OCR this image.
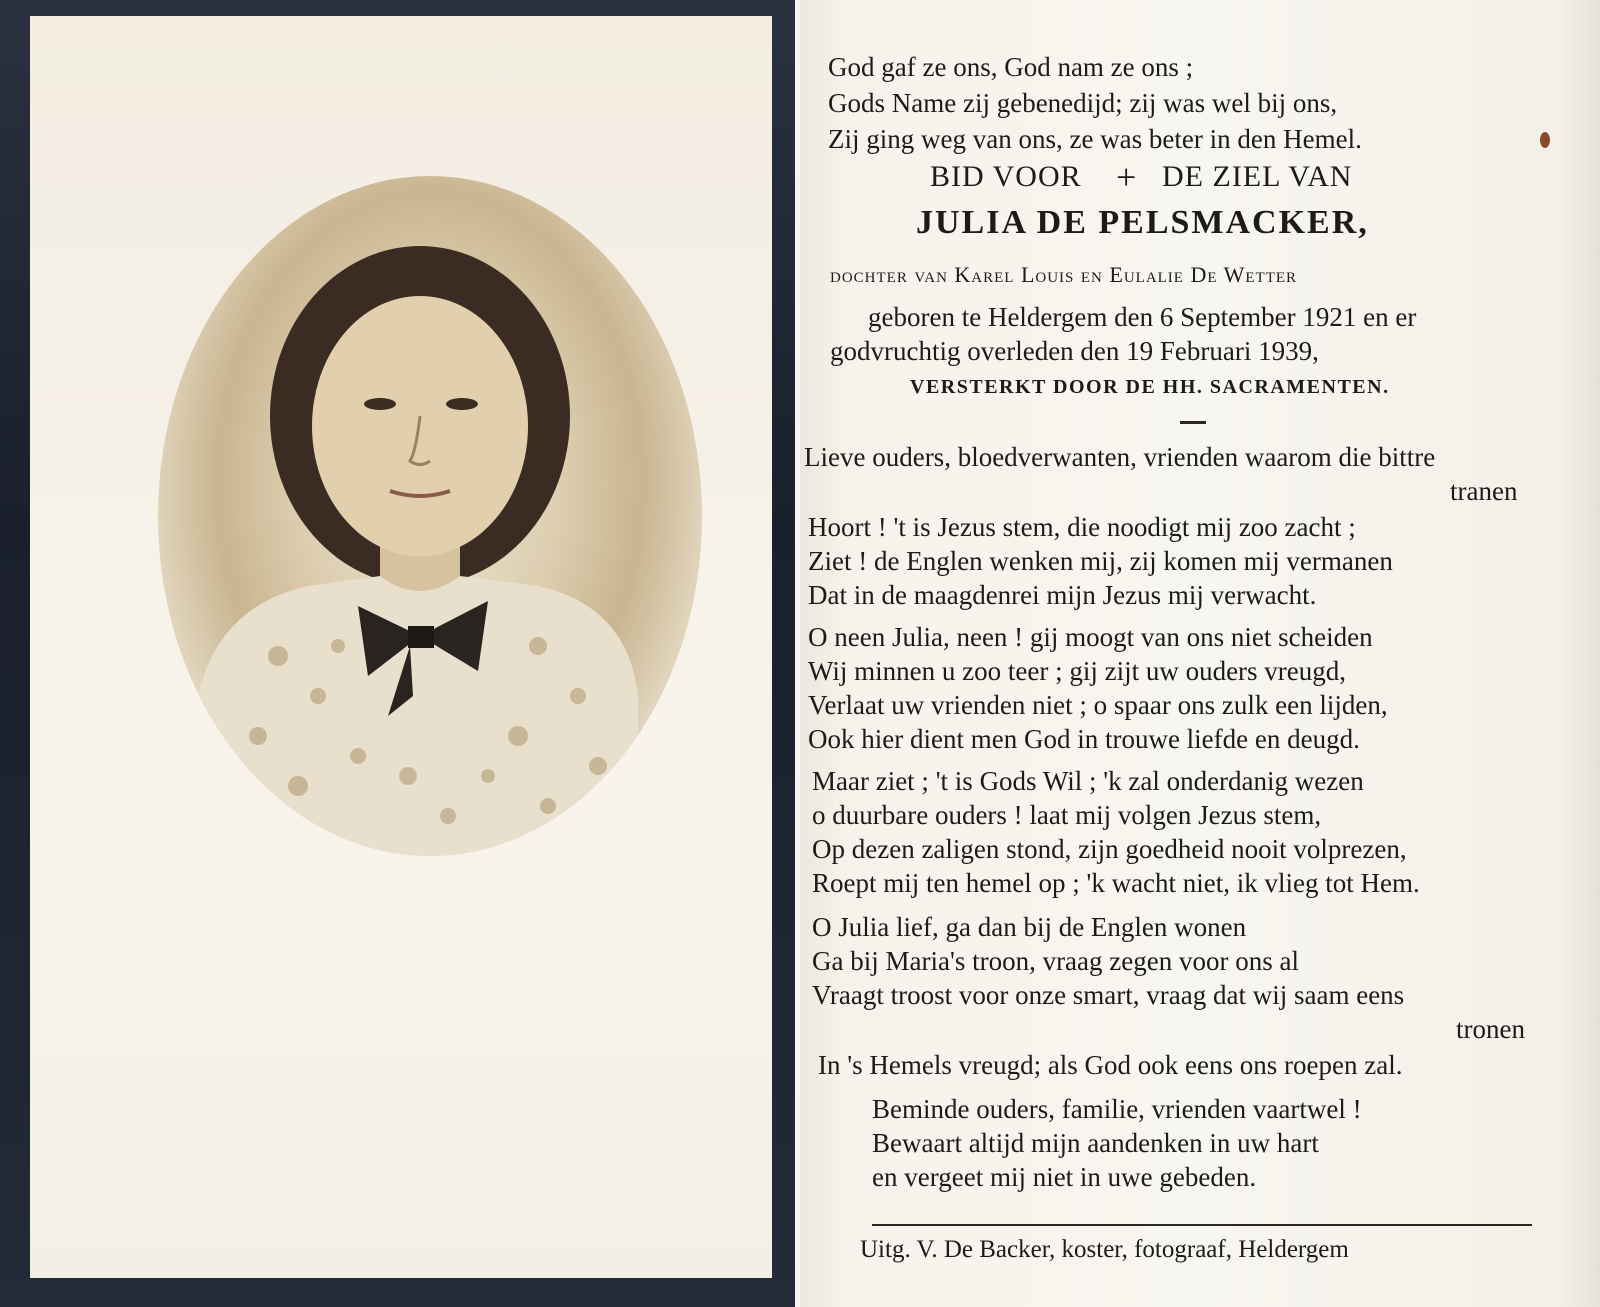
God gaf ze ons, God nam ze ons ;
Gods Name zij gebenedijd; zij was wel bij ons,
Zij ging weg van ons, ze was beter in den Hemel.
BID VOOR + DE ZIEL VAN
JULIA DE PELSMACKER,
dochter van Karel Louis en Eulalie De Wetter
geboren te Heldergem den 6 September 1921 en er
godvruchtig overleden den 19 Februari 1939,
VERSTERKT DOOR DE HH. SACRAMENTEN.
Lieve ouders, bloedverwanten, vrienden waarom die bittre
tranen
Hoort ! 't is Jezus stem, die noodigt mij zoo zacht ;
Ziet ! de Englen wenken mij, zij komen mij vermanen
Dat in de maagdenrei mijn Jezus mij verwacht.
O neen Julia, neen ! gij moogt van ons niet scheiden
Wij minnen u zoo teer ; gij zijt uw ouders vreugd,
Verlaat uw vrienden niet ; o spaar ons zulk een lijden,
Ook hier dient men God in trouwe liefde en deugd.
Maar ziet ; 't is Gods Wil ; 'k zal onderdanig wezen
o duurbare ouders ! laat mij volgen Jezus stem,
Op dezen zaligen stond, zijn goedheid nooit volprezen,
Roept mij ten hemel op ; 'k wacht niet, ik vlieg tot Hem.
O Julia lief, ga dan bij de Englen wonen
Ga bij Maria's troon, vraag zegen voor ons al
Vraagt troost voor onze smart, vraag dat wij saam eens
tronen
In 's Hemels vreugd; als God ook eens ons roepen zal.
Beminde ouders, familie, vrienden vaartwel !
Bewaart altijd mijn aandenken in uw hart
en vergeet mij niet in uwe gebeden.
Uitg. V. De Backer, koster, fotograaf, Heldergem
